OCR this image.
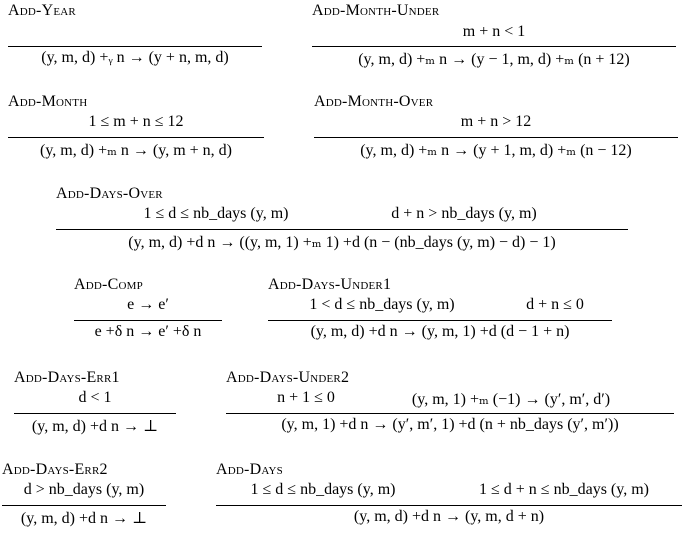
Add-Year
(y, m, d) +ᵧ n → (y + n, m, d)
Add-Month-Under
m + n < 1
(y, m, d) +ₘ n → (y − 1, m, d) +ₘ (n + 12)
Add-Month
1 ≤ m + n ≤ 12
(y, m, d) +ₘ n → (y, m + n, d)
Add-Month-Over
m + n > 12
(y, m, d) +ₘ n → (y + 1, m, d) +ₘ (n − 12)
Add-Days-Over
1 ≤ d ≤ nb_days (y, m)	d + n > nb_days (y, m)
(y, m, d) +d n → ((y, m, 1) +ₘ 1) +d (n − (nb_days (y, m) − d) − 1)
Add-Comp
e → e′
e +δ n → e′ +δ n
Add-Days-Under1
1 < d ≤ nb_days (y, m)	d + n ≤ 0
(y, m, d) +d n → (y, m, 1) +d (d − 1 + n)
Add-Days-Err1
d < 1
(y, m, d) +d n → ⊥
Add-Days-Under2
n + 1 ≤ 0	(y, m, 1) +ₘ (−1) → (y′, m′, d′)
(y, m, 1) +d n → (y′, m′, 1) +d (n + nb_days (y′, m′))
Add-Days-Err2
d > nb_days (y, m)
(y, m, d) +d n → ⊥
Add-Days
1 ≤ d ≤ nb_days (y, m)	1 ≤ d + n ≤ nb_days (y, m)
(y, m, d) +d n → (y, m, d + n)
